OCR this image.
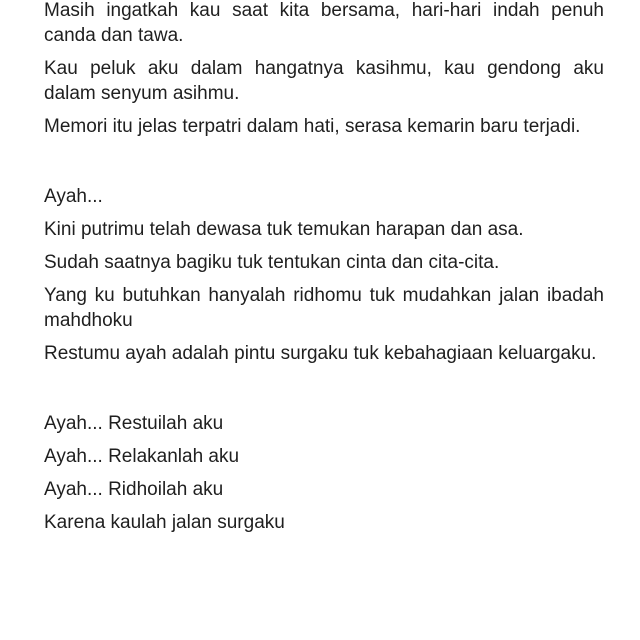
Masih ingatkah kau saat kita bersama, hari-hari indah penuh canda dan tawa.

Kau peluk aku dalam hangatnya kasihmu, kau gendong aku dalam senyum asihmu.

Memori itu jelas terpatri dalam hati, serasa kemarin baru terjadi.

Ayah...

Kini putrimu telah dewasa tuk temukan harapan dan asa.

Sudah saatnya bagiku tuk tentukan cinta dan cita-cita.

Yang ku butuhkan hanyalah ridhomu tuk mudahkan jalan ibadah mahdhoku

Restumu ayah adalah pintu surgaku tuk kebahagiaan keluargaku.

Ayah... Restuilah aku

Ayah... Relakanlah aku

Ayah... Ridhoilah aku

Karena kaulah jalan surgaku
